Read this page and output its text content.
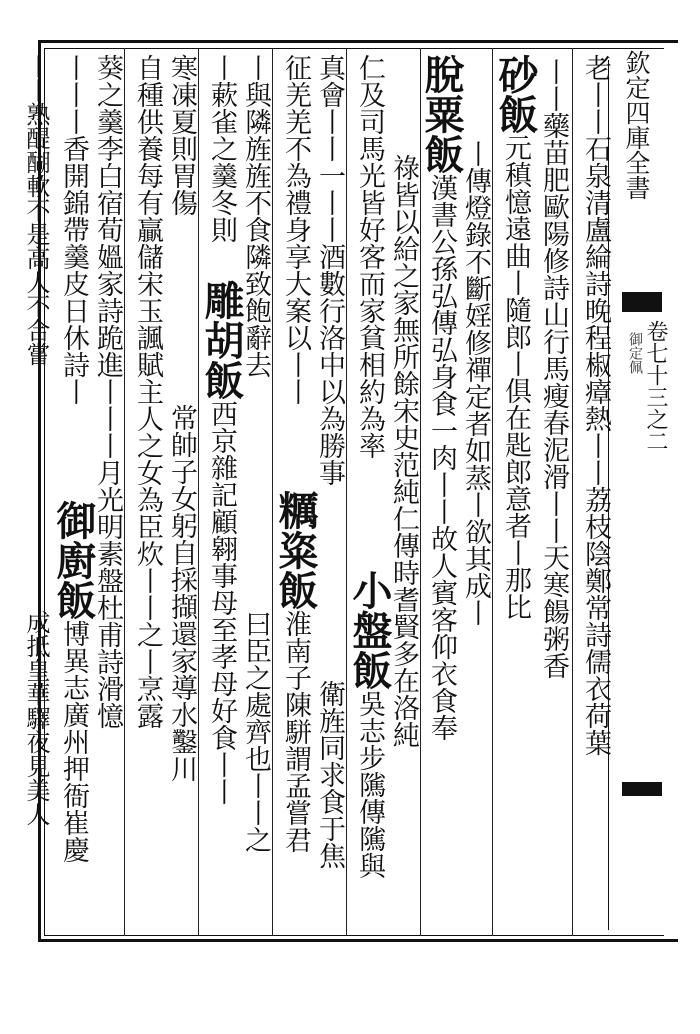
欽定四庫全書
卷七十三之二
御定佩
老丨丨石泉清盧綸詩晚程椒瘴熱丨丨荔枝陰鄭常詩儒衣荷葉
丨丨藥苗肥歐陽修詩山行馬瘦春泥滑丨丨天寒餳粥香
砂飯元稹憶遠曲丨隨郎丨俱在匙郎意者丨那比
丨傳燈錄不斷婬修禪定者如蒸丨欲其成丨
脫粟飯漢書公孫弘傳弘身食一肉丨丨故人賓客仰衣食奉
祿皆以給之家無所餘宋史范純仁傳時耆賢多在洛純
仁及司馬光皆好客而家貧相約為率
真會丨丨一丨丨酒數行洛中以為勝事
小盤飯吳志步隲傳隲與
衛旌同求食于焦
征羌羌不為禮身享大案以丨丨
丨與隣旌旌不食隣致飽辭去
糲粢飯淮南子陳駢謂孟嘗君
曰臣之處齊也丨丨之
丨蔌雀之羹冬則
寒凍夏則胃傷
雕胡飯西京雜記顧翱事母至孝母好食丨丨
常帥子女躬自採擷還家導水鑿川
自種供養每有贏儲宋玉諷賦主人之女為臣炊丨丨之丨烹露
葵之羹李白宿荀媼家詩跪進丨丨丨月光明素盤杜甫詩滑憶
丨丨丨香開錦帶羹皮日休詩丨
御廚飯博異志廣州押衙崔慶
丨丨熟醍醐軟不是高人不合嘗
成抵皇華驛夜見美人
